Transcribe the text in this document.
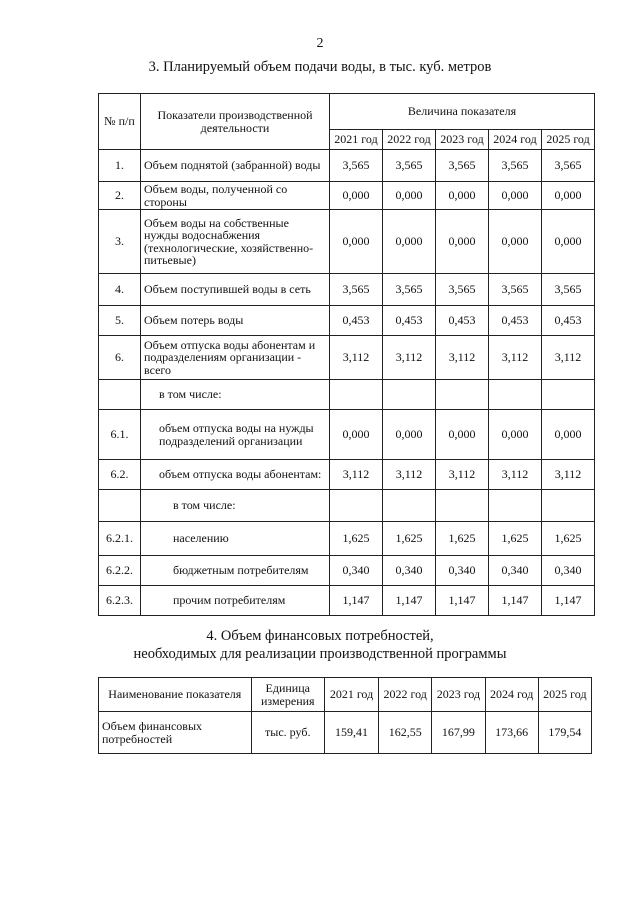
2
3. Планируемый объем подачи воды, в тыс. куб. метров
№ п/п	Показатели производственной деятельности	Величина показателя				
		2021 год	2022 год	2023 год	2024 год	2025 год
1.	Объем поднятой (забранной) воды	3,565	3,565	3,565	3,565	3,565
2.	Объем воды, полученной со стороны	0,000	0,000	0,000	0,000	0,000
3.	Объем воды на собственные нужды водоснабжения (технологические, хозяйственно-питьевые)	0,000	0,000	0,000	0,000	0,000
4.	Объем поступившей воды в сеть	3,565	3,565	3,565	3,565	3,565
5.	Объем потерь воды	0,453	0,453	0,453	0,453	0,453
6.	Объем отпуска воды абонентам и подразделениям организации - всего	3,112	3,112	3,112	3,112	3,112
	в том числе:					
6.1.	объем отпуска воды на нужды подразделений организации	0,000	0,000	0,000	0,000	0,000
6.2.	объем отпуска воды абонентам:	3,112	3,112	3,112	3,112	3,112
	в том числе:					
6.2.1.	населению	1,625	1,625	1,625	1,625	1,625
6.2.2.	бюджетным потребителям	0,340	0,340	0,340	0,340	0,340
6.2.3.	прочим потребителям	1,147	1,147	1,147	1,147	1,147
4. Объем финансовых потребностей,
необходимых для реализации производственной программы
Наименование показателя	Единица измерения	2021 год	2022 год	2023 год	2024 год	2025 год
Объем финансовых потребностей	тыс. руб.	159,41	162,55	167,99	173,66	179,54
